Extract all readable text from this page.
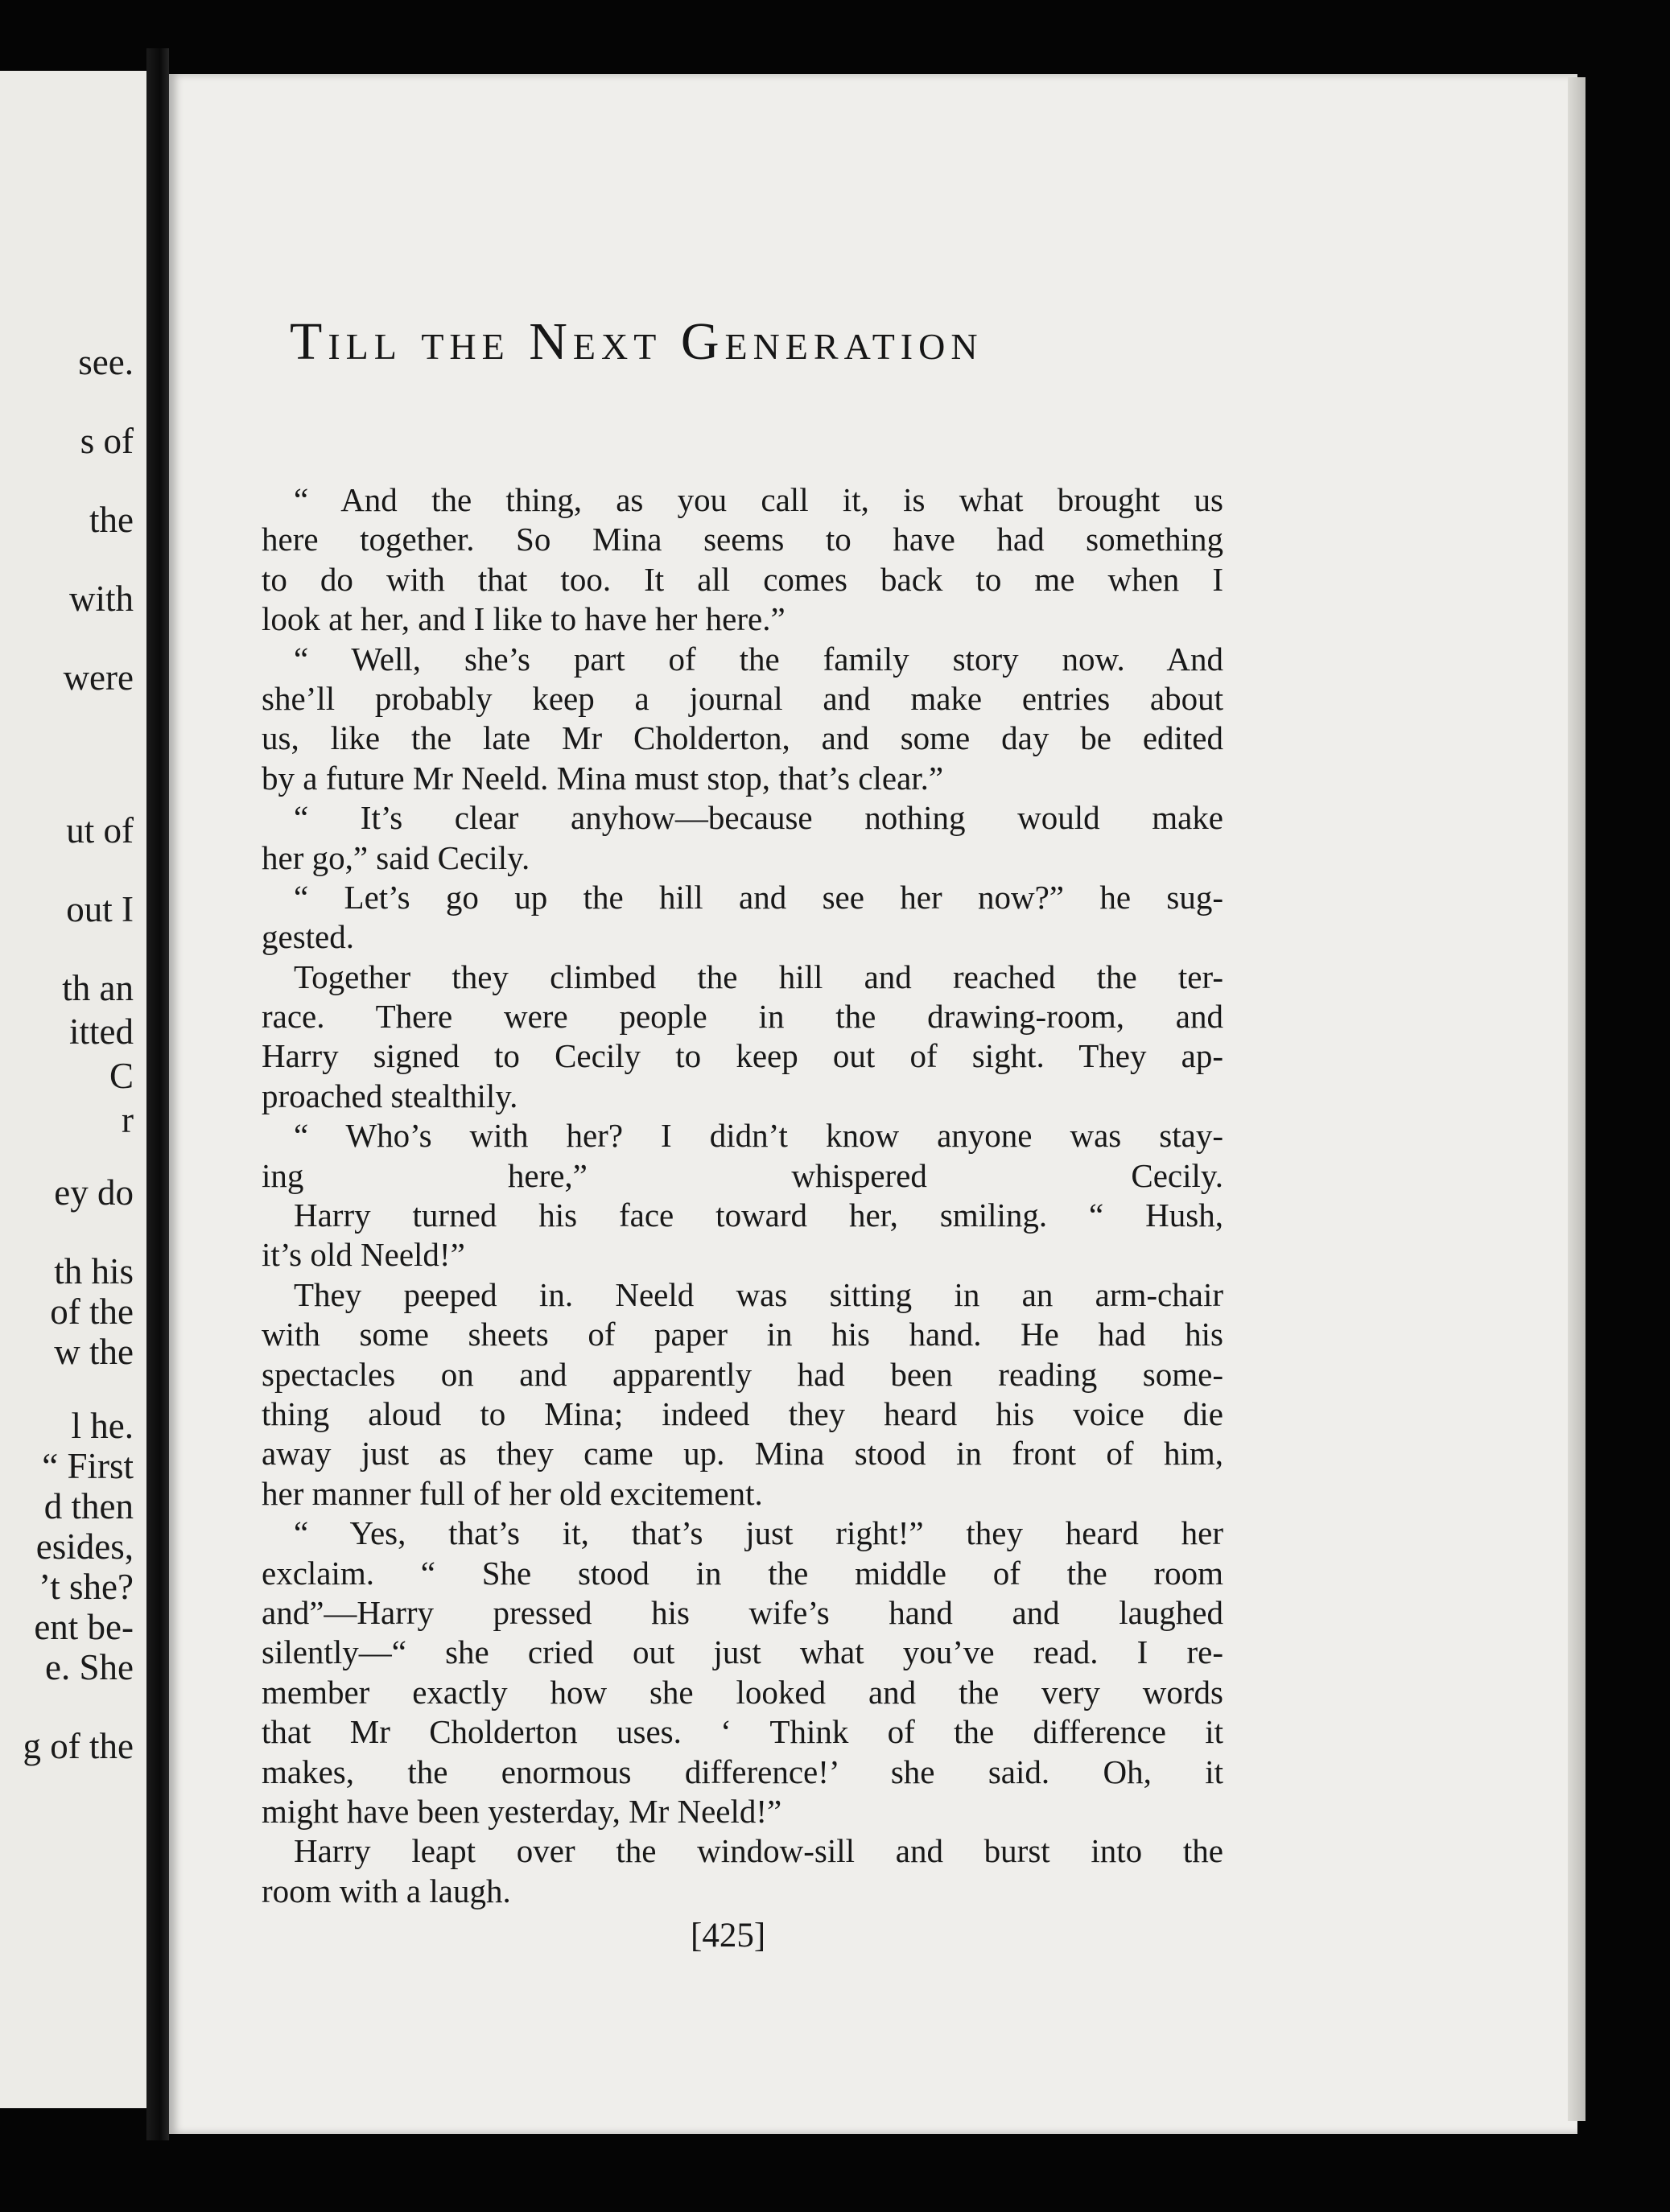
see.
s of
the
with
were
ut of
out I
th an
itted
C
r
ey do
th his
of the
w the
l he.
“ First
d then
esides,
’t she?
ent be-
e. She
g of the
Till the Next Generation
“ And the thing, as you call it, is what brought us
here together. So Mina seems to have had something
to do with that too. It all comes back to me when I
look at her, and I like to have her here.”
“ Well, she’s part of the family story now. And
she’ll probably keep a journal and make entries about
us, like the late Mr Cholderton, and some day be edited
by a future Mr Neeld. Mina must stop, that’s clear.”
“ It’s clear anyhow—because nothing would make
her go,” said Cecily.
“ Let’s go up the hill and see her now?” he sug-
gested.
Together they climbed the hill and reached the ter-
race. There were people in the drawing-room, and
Harry signed to Cecily to keep out of sight. They ap-
proached stealthily.
“ Who’s with her? I didn’t know anyone was stay-
ing here,” whispered Cecily.
Harry turned his face toward her, smiling. “ Hush,
it’s old Neeld!”
They peeped in. Neeld was sitting in an arm-chair
with some sheets of paper in his hand. He had his
spectacles on and apparently had been reading some-
thing aloud to Mina; indeed they heard his voice die
away just as they came up. Mina stood in front of him,
her manner full of her old excitement.
“ Yes, that’s it, that’s just right!” they heard her
exclaim. “ She stood in the middle of the room
and”—Harry pressed his wife’s hand and laughed
silently—“ she cried out just what you’ve read. I re-
member exactly how she looked and the very words
that Mr Cholderton uses. ‘ Think of the difference it
makes, the enormous difference!’ she said. Oh, it
might have been yesterday, Mr Neeld!”
Harry leapt over the window-sill and burst into the
room with a laugh.
[425]
